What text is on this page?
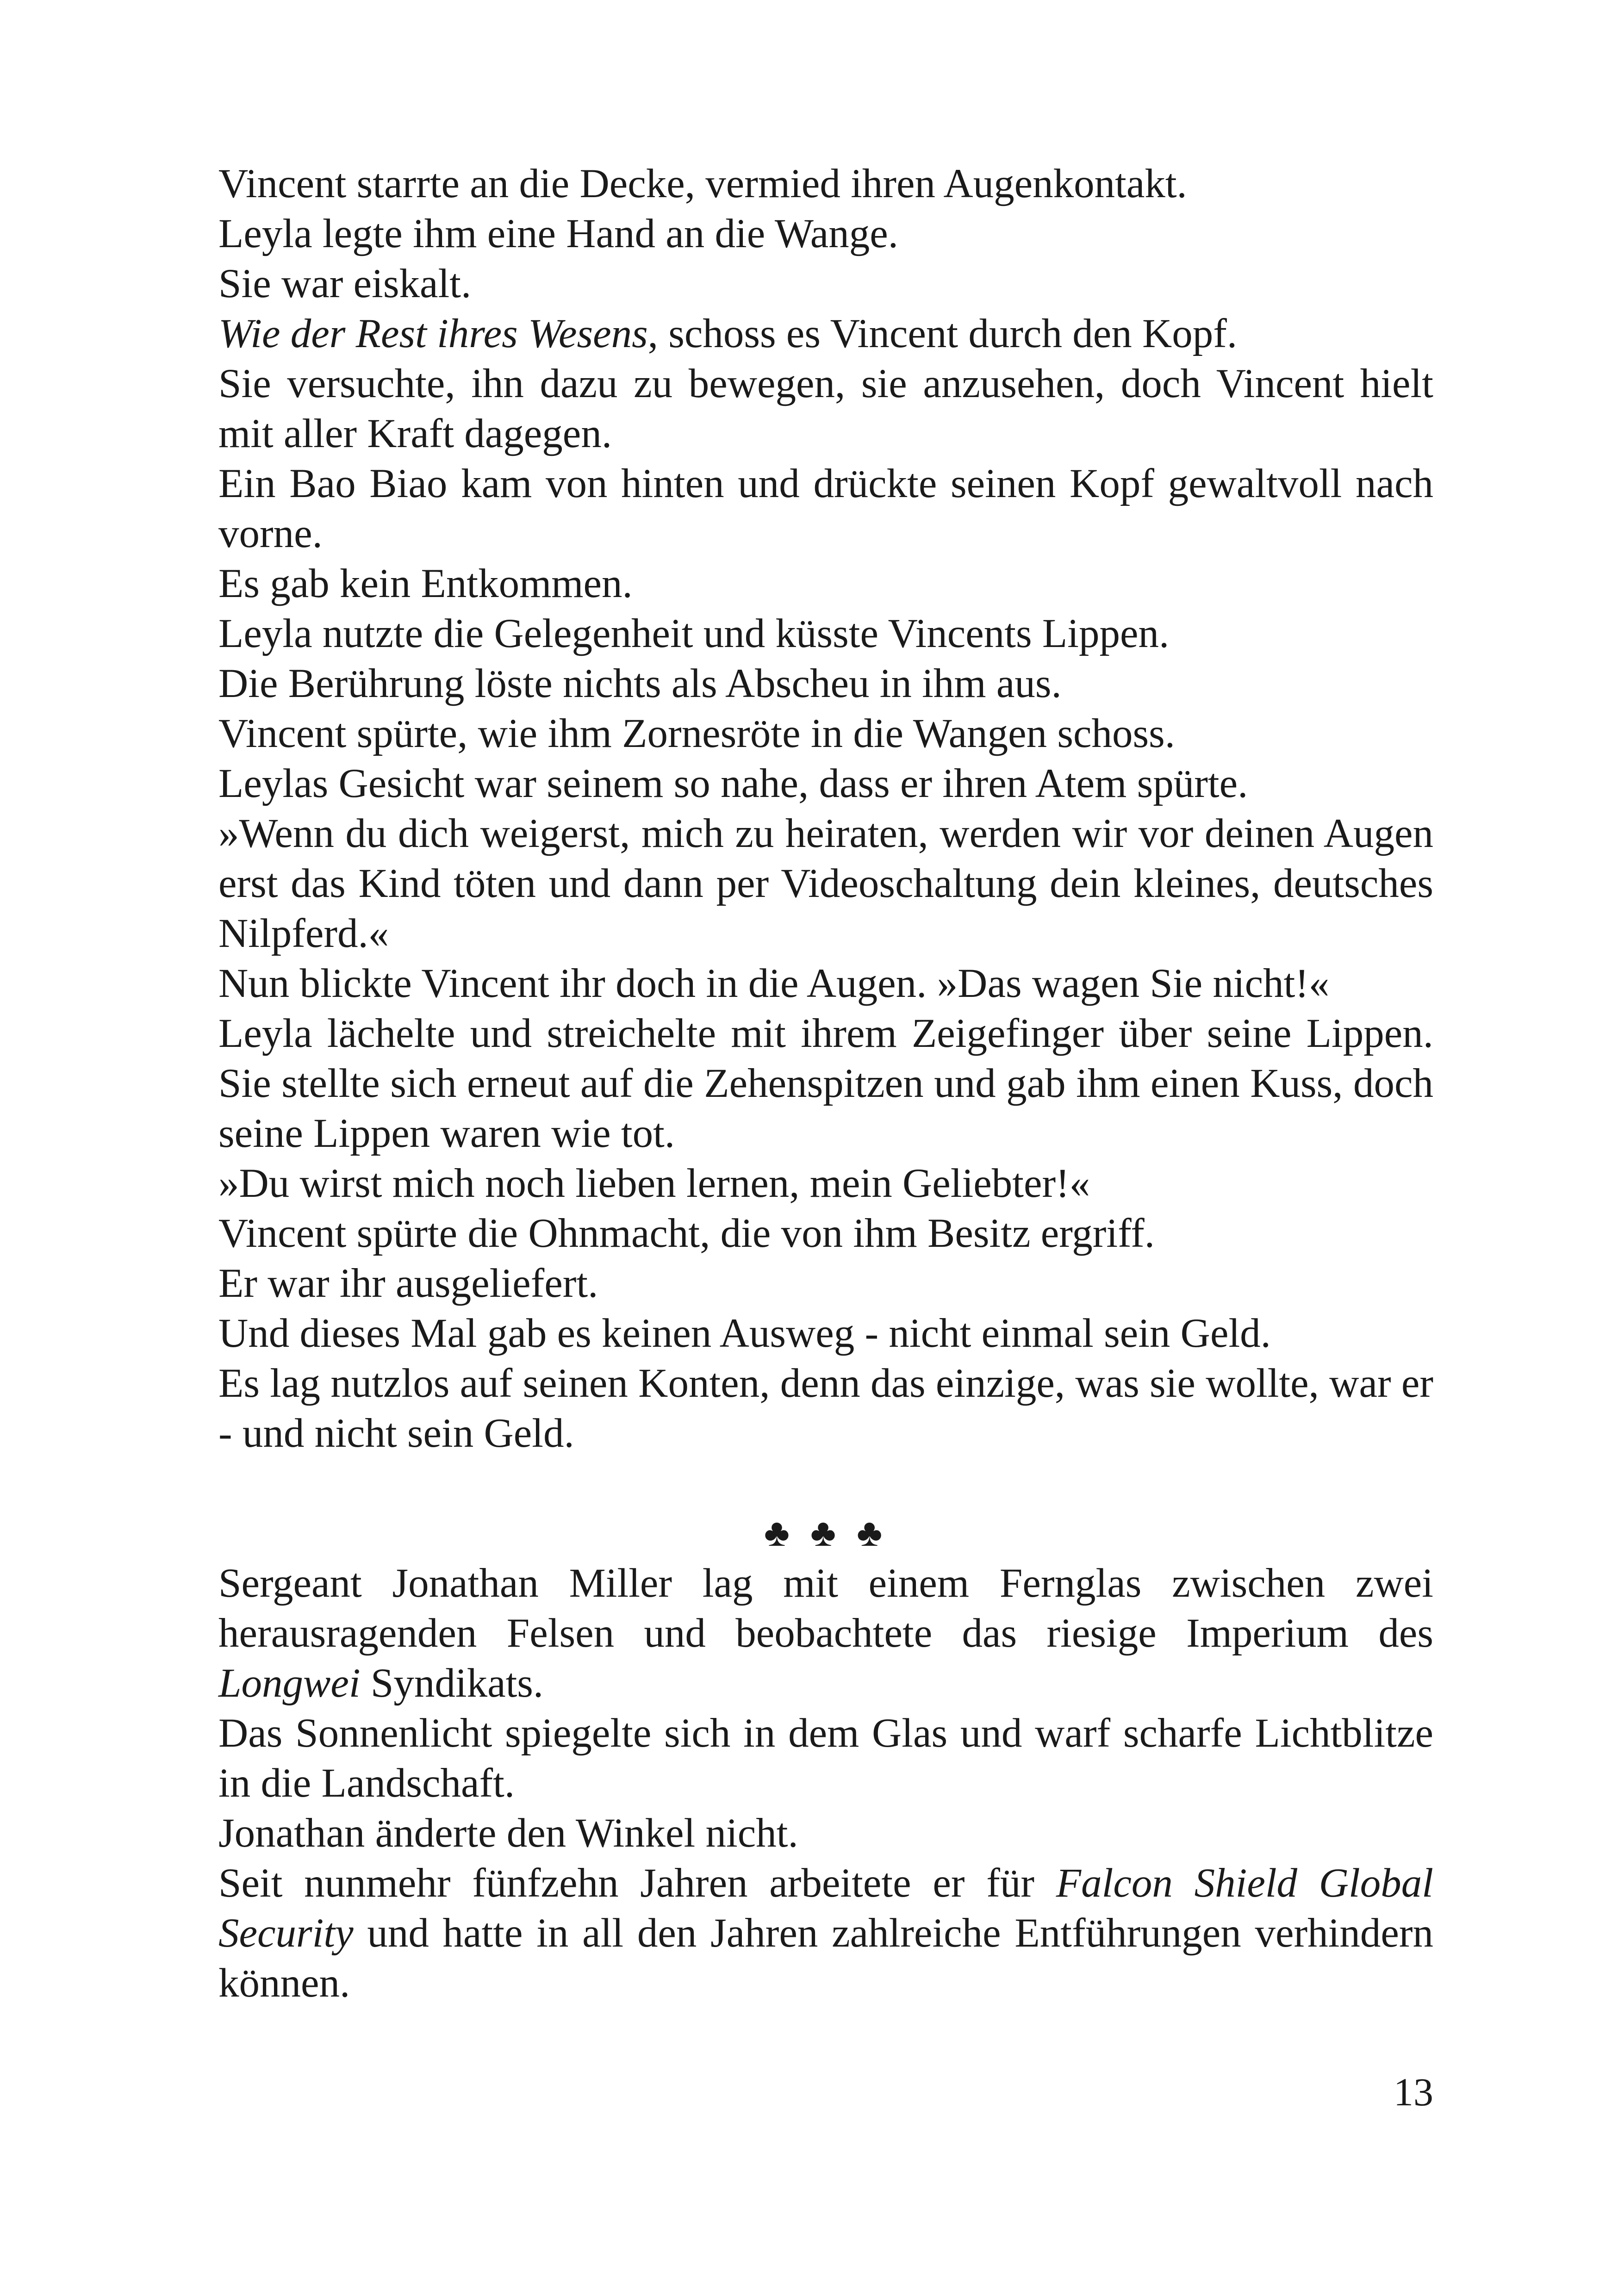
Vincent starrte an die Decke, vermied ihren Augenkontakt.

Leyla legte ihm eine Hand an die Wange.

Sie war eiskalt.

Wie der Rest ihres Wesens, schoss es Vincent durch den Kopf.

Sie versuchte, ihn dazu zu bewegen, sie anzusehen, doch Vincent hielt mit aller Kraft dagegen.

Ein Bao Biao kam von hinten und drückte seinen Kopf gewaltvoll nach vorne.

Es gab kein Entkommen.

Leyla nutzte die Gelegenheit und küsste Vincents Lippen.

Die Berührung löste nichts als Abscheu in ihm aus.

Vincent spürte, wie ihm Zornesröte in die Wangen schoss.

Leylas Gesicht war seinem so nahe, dass er ihren Atem spürte.

»Wenn du dich weigerst, mich zu heiraten, werden wir vor deinen Augen erst das Kind töten und dann per Videoschaltung dein kleines, deutsches Nilpferd.«

Nun blickte Vincent ihr doch in die Augen. »Das wagen Sie nicht!«

Leyla lächelte und streichelte mit ihrem Zeigefinger über seine Lippen. Sie stellte sich erneut auf die Zehenspitzen und gab ihm einen Kuss, doch seine Lippen waren wie tot.

»Du wirst mich noch lieben lernen, mein Geliebter!«

Vincent spürte die Ohnmacht, die von ihm Besitz ergriff.

Er war ihr ausgeliefert.

Und dieses Mal gab es keinen Ausweg - nicht einmal sein Geld.

Es lag nutzlos auf seinen Konten, denn das einzige, was sie wollte, war er - und nicht sein Geld.

♣ ♣ ♣

Sergeant Jonathan Miller lag mit einem Fernglas zwischen zwei herausragenden Felsen und beobachtete das riesige Imperium des Longwei Syndikats.

Das Sonnenlicht spiegelte sich in dem Glas und warf scharfe Lichtblitze in die Landschaft.

Jonathan änderte den Winkel nicht.

Seit nunmehr fünfzehn Jahren arbeitete er für Falcon Shield Global Security und hatte in all den Jahren zahlreiche Entführungen verhindern können.

13
